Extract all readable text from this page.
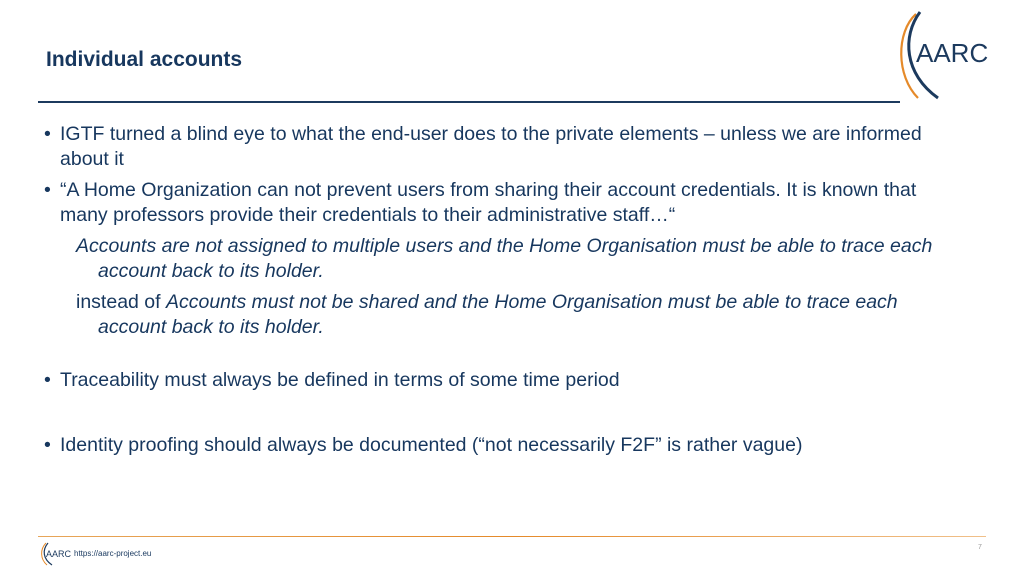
Individual accounts	AARC

• IGTF turned a blind eye to what the end-user does to the private elements – unless we are informed about it

• “A Home Organization can not prevent users from sharing their account credentials. It is known that many professors provide their credentials to their administrative staff…“

Accounts are not assigned to multiple users and the Home Organisation must be able to trace each account back to its holder.

instead of Accounts must not be shared and the Home Organisation must be able to trace each account back to its holder.

• Traceability must always be defined in terms of some time period

• Identity proofing should always be documented (“not necessarily F2F” is rather vague)

AARC https://aarc-project.eu
7
